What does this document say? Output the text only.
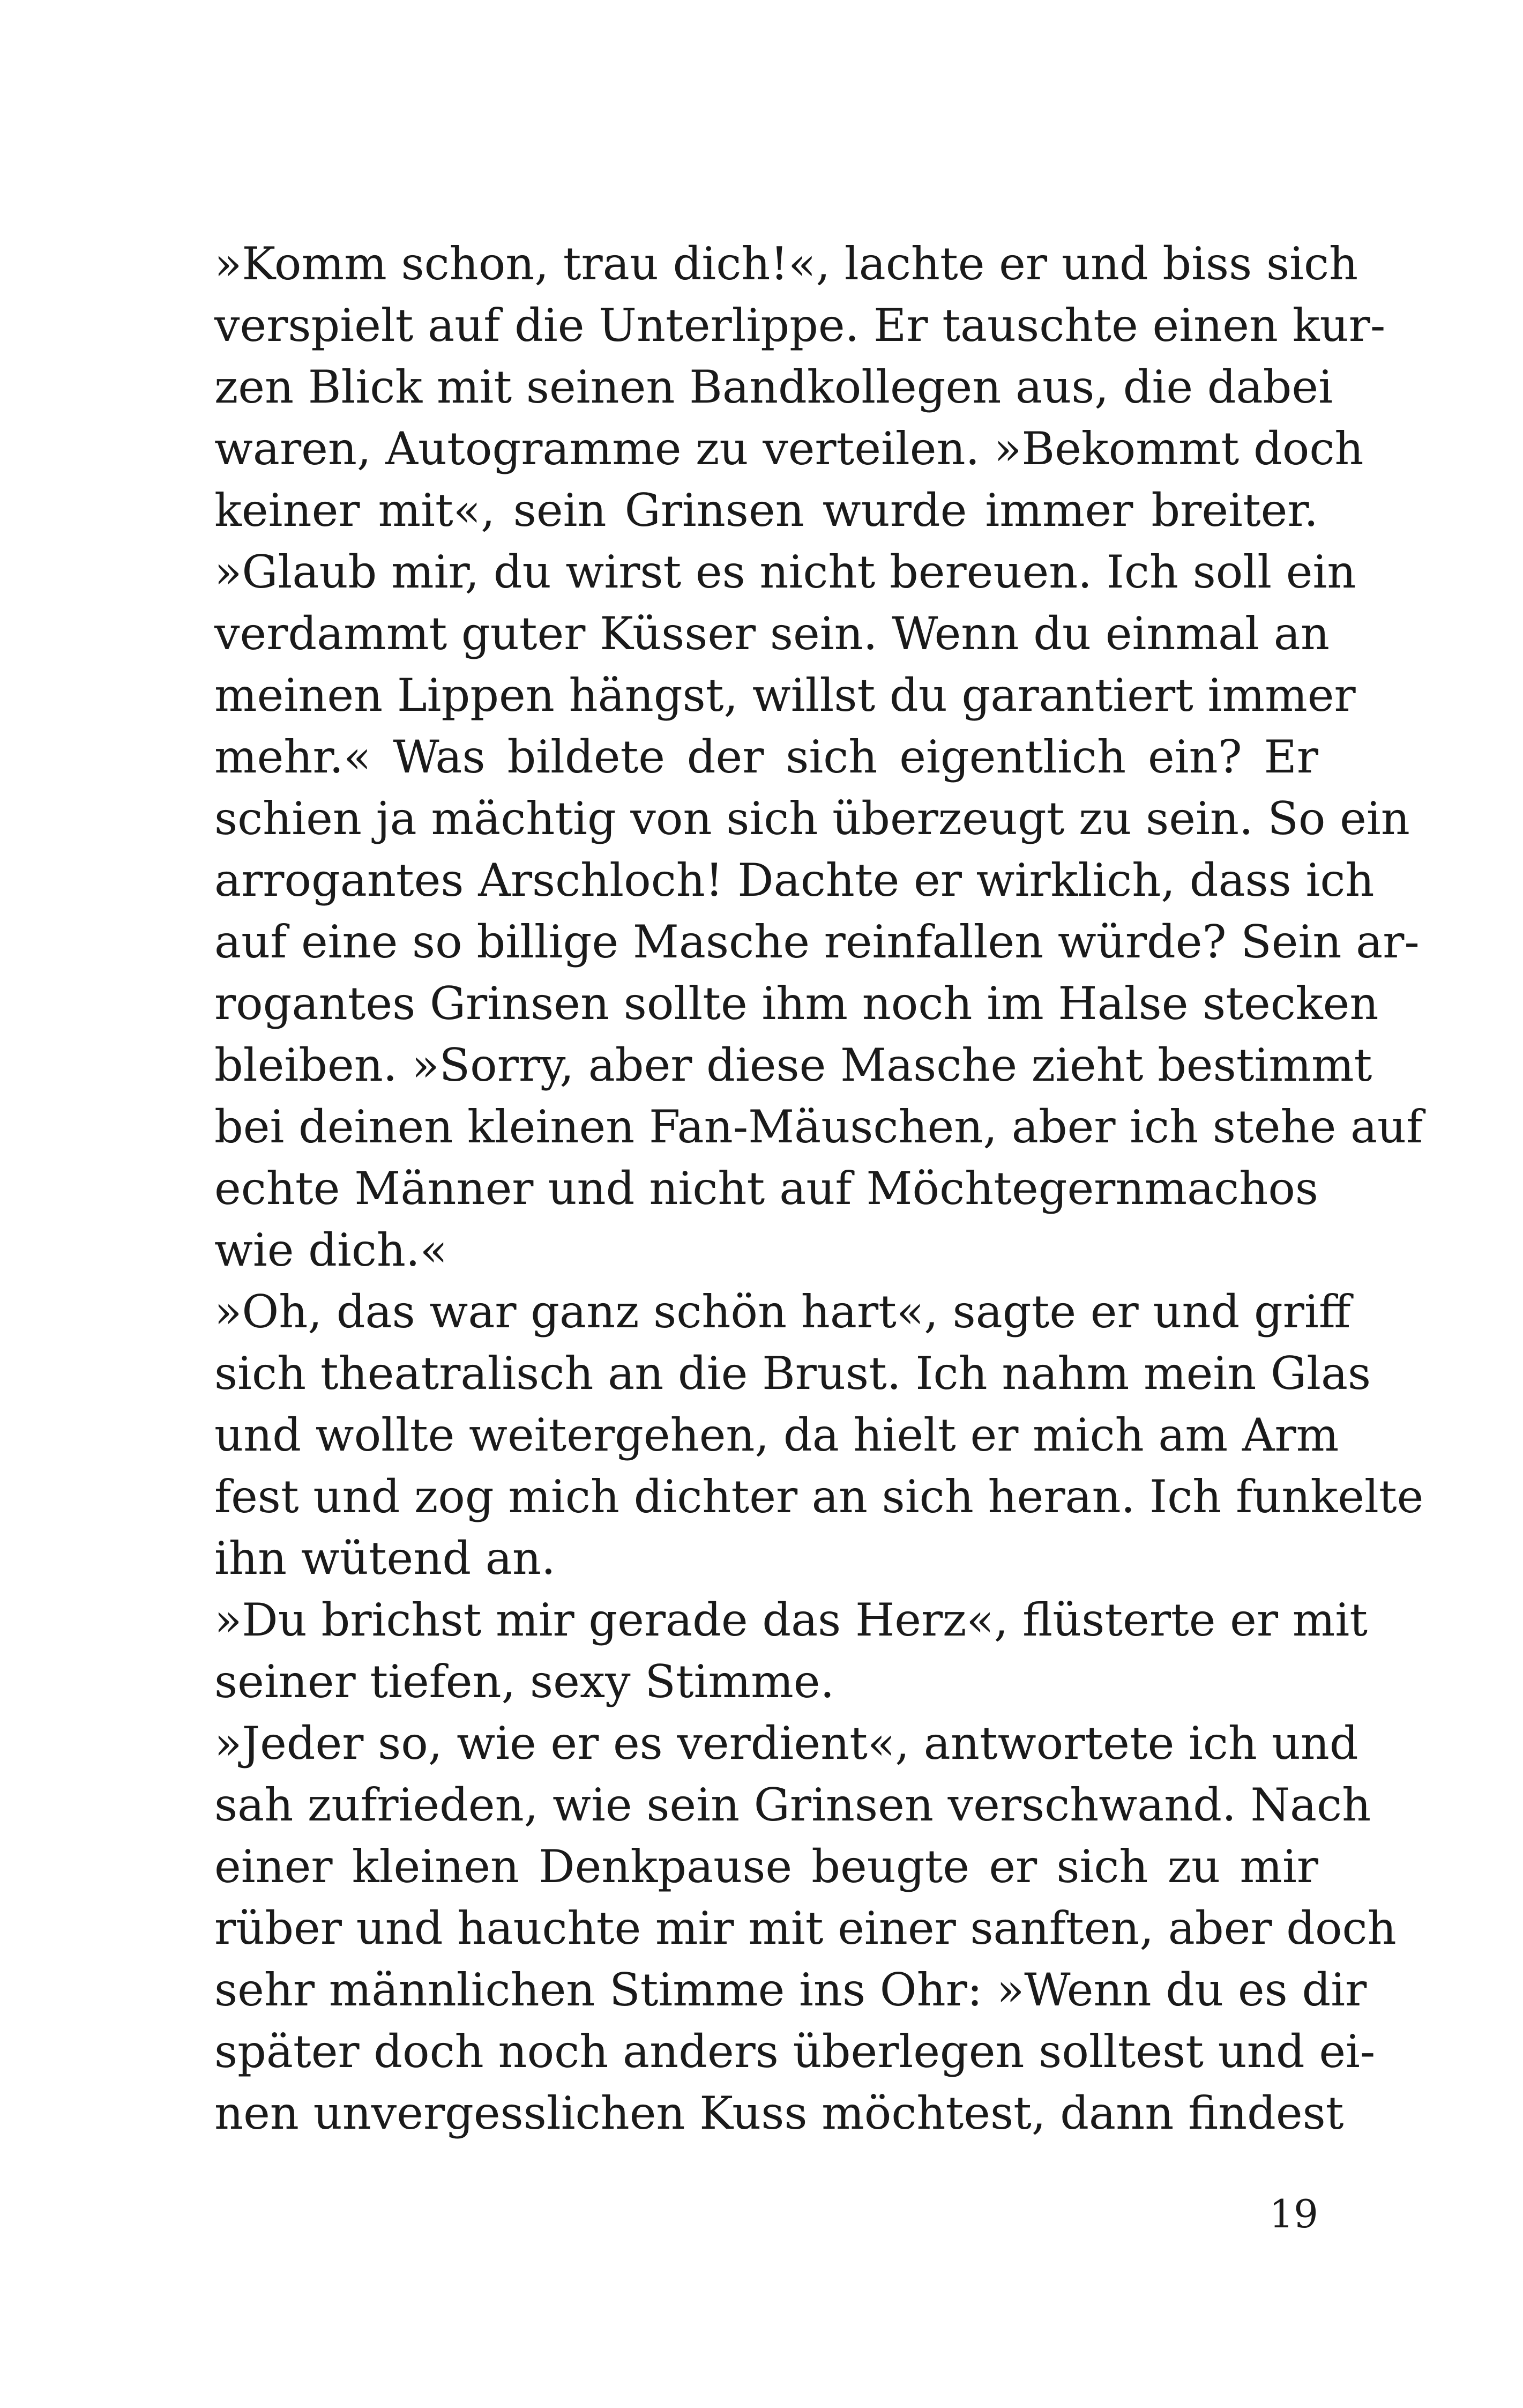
»Komm schon, trau dich!«, lachte er und biss sich
verspielt auf die Unterlippe. Er tauschte einen kur-
zen Blick mit seinen Bandkollegen aus, die dabei
waren, Autogramme zu verteilen. »Bekommt doch
keiner mit«, sein Grinsen wurde immer breiter.
»Glaub mir, du wirst es nicht bereuen. Ich soll ein
verdammt guter Küsser sein. Wenn du einmal an
meinen Lippen hängst, willst du garantiert immer
mehr.« Was bildete der sich eigentlich ein? Er
schien ja mächtig von sich überzeugt zu sein. So ein
arrogantes Arschloch! Dachte er wirklich, dass ich
auf eine so billige Masche reinfallen würde? Sein ar-
rogantes Grinsen sollte ihm noch im Halse stecken
bleiben. »Sorry, aber diese Masche zieht bestimmt
bei deinen kleinen Fan-Mäuschen, aber ich stehe auf
echte Männer und nicht auf Möchtegernmachos
wie dich.«
»Oh, das war ganz schön hart«, sagte er und griff
sich theatralisch an die Brust. Ich nahm mein Glas
und wollte weitergehen, da hielt er mich am Arm
fest und zog mich dichter an sich heran. Ich funkelte
ihn wütend an.
»Du brichst mir gerade das Herz«, flüsterte er mit
seiner tiefen, sexy Stimme.
»Jeder so, wie er es verdient«, antwortete ich und
sah zufrieden, wie sein Grinsen verschwand. Nach
einer kleinen Denkpause beugte er sich zu mir
rüber und hauchte mir mit einer sanften, aber doch
sehr männlichen Stimme ins Ohr: »Wenn du es dir
später doch noch anders überlegen solltest und ei-
nen unvergesslichen Kuss möchtest, dann findest
19
